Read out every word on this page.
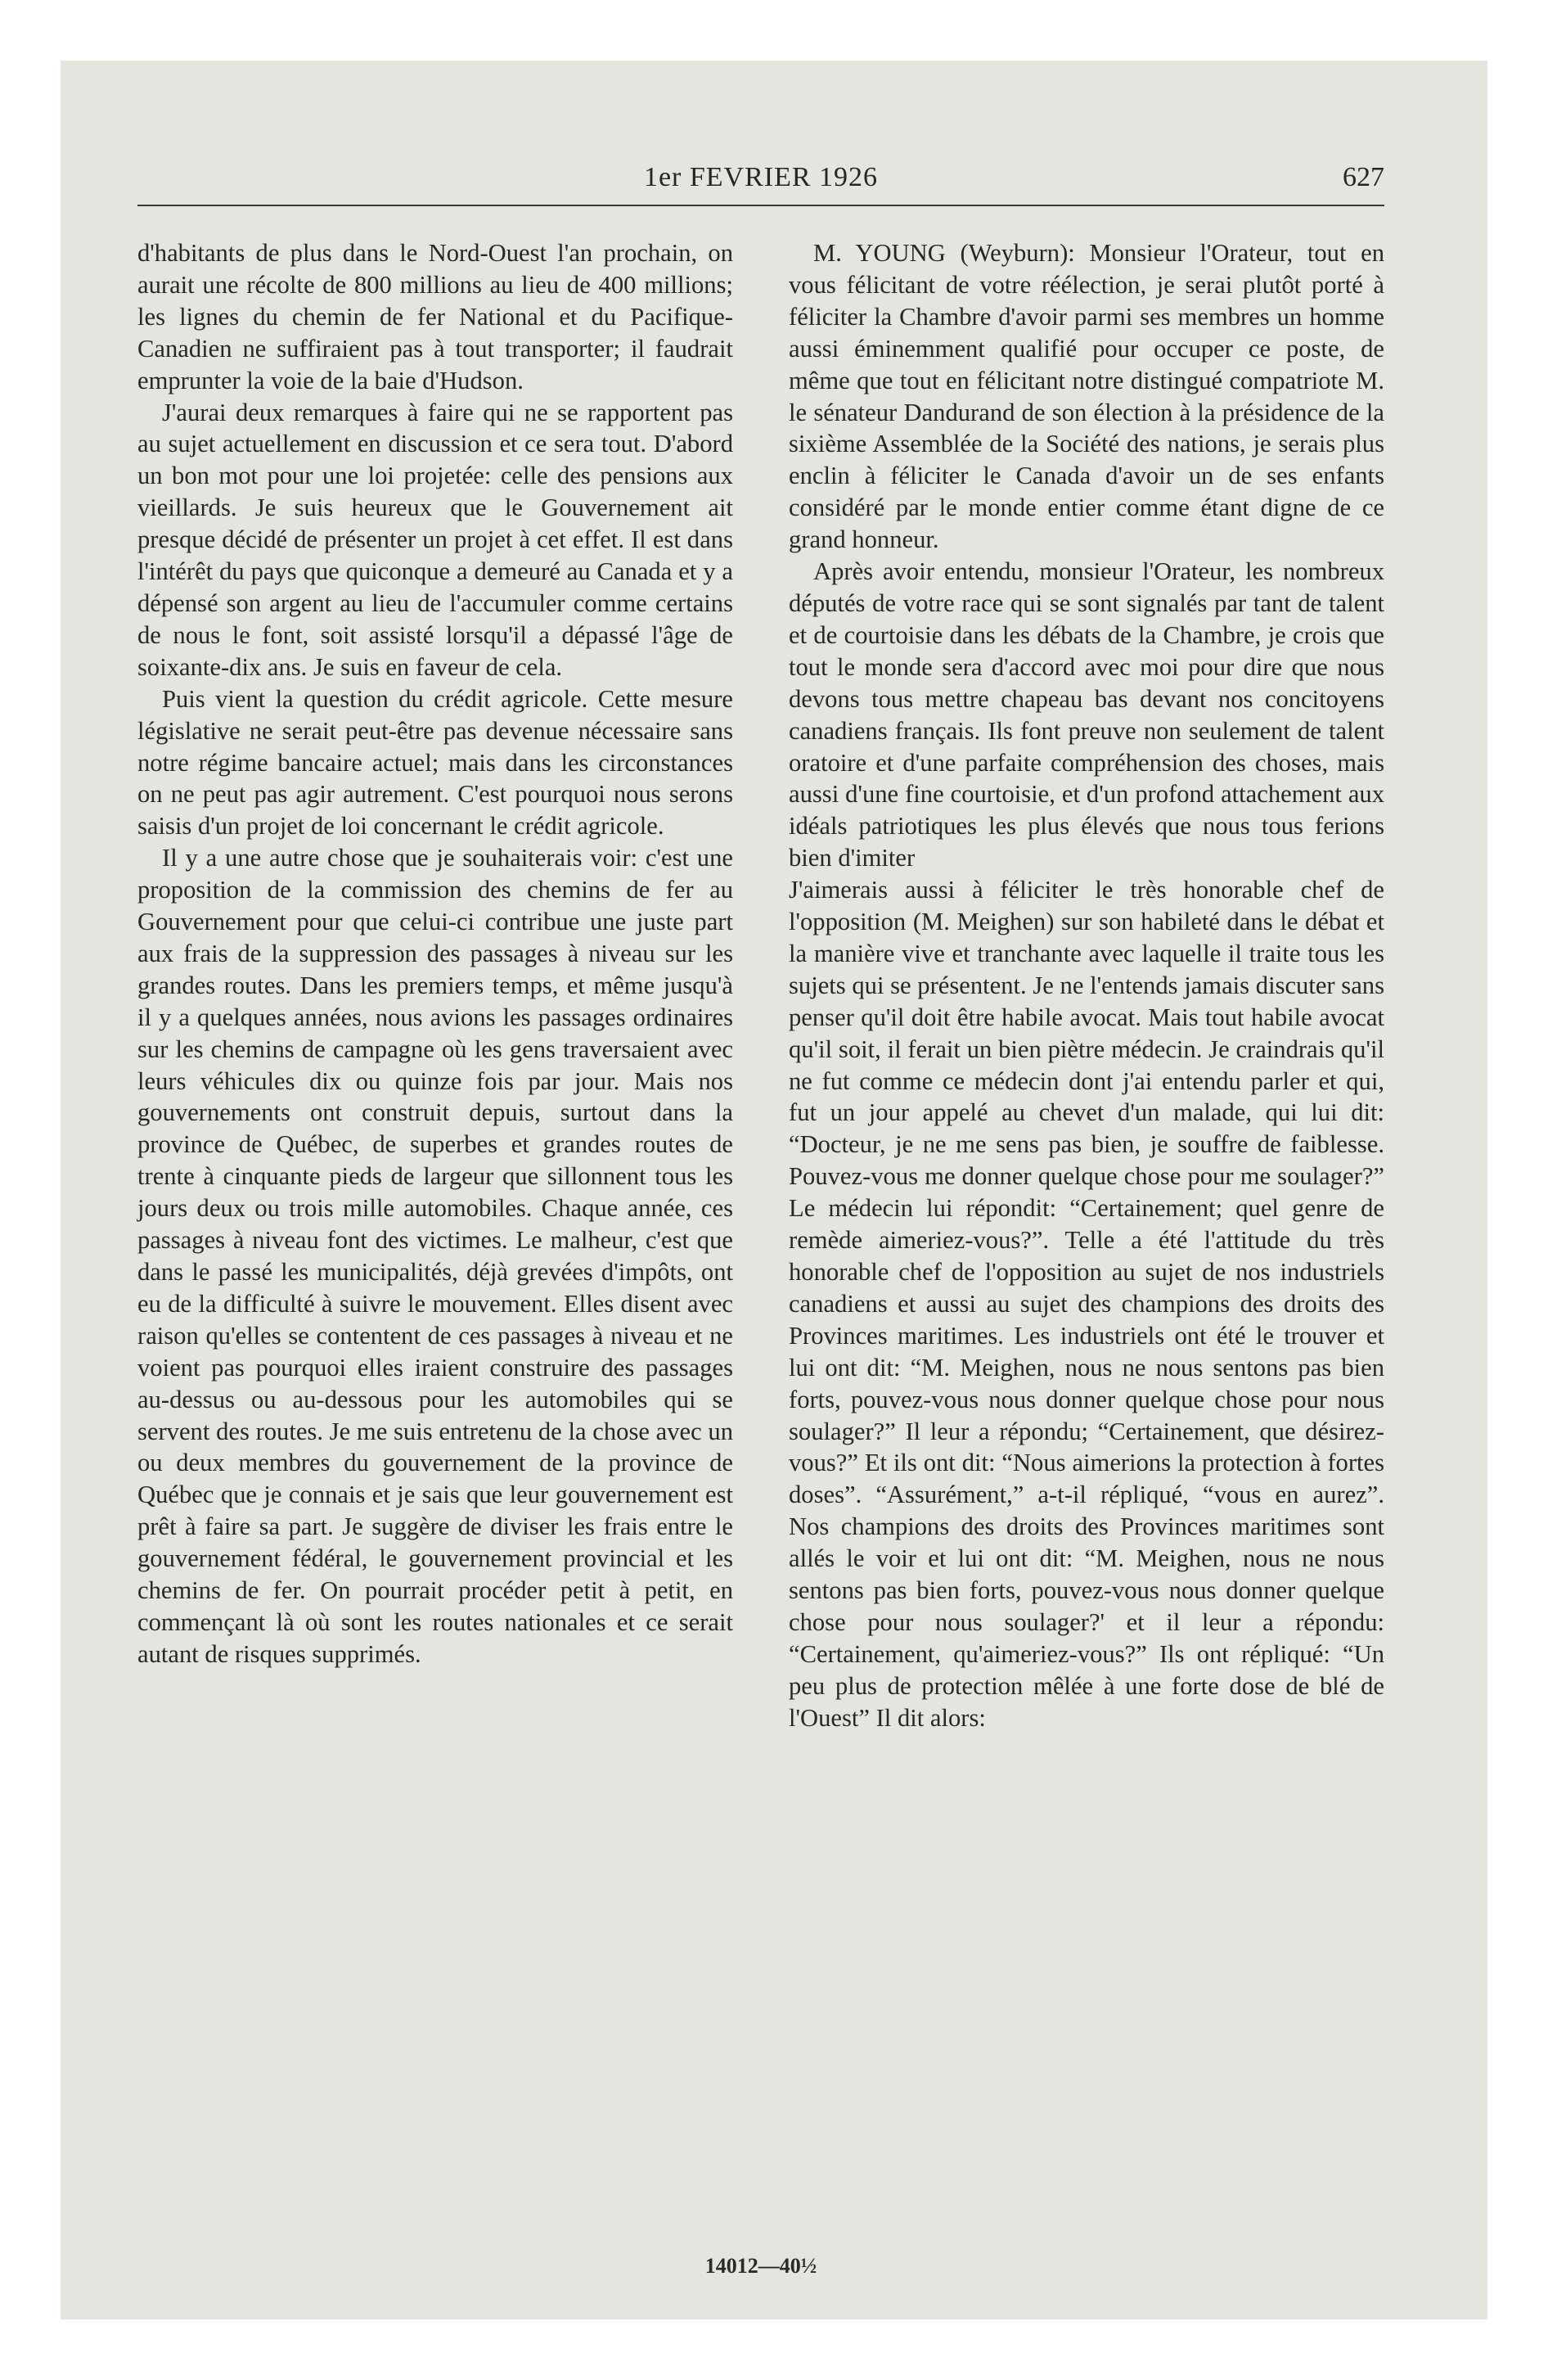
1er FEVRIER 1926	627

d'habitants de plus dans le Nord-Ouest l'an prochain, on aurait une récolte de 800 millions au lieu de 400 millions; les lignes du chemin de fer National et du Pacifique-Canadien ne suffiraient pas à tout transporter; il faudrait emprunter la voie de la baie d'Hudson.

J'aurai deux remarques à faire qui ne se rapportent pas au sujet actuellement en discussion et ce sera tout. D'abord un bon mot pour une loi projetée: celle des pensions aux vieillards. Je suis heureux que le Gouvernement ait presque décidé de présenter un projet à cet effet. Il est dans l'intérêt du pays que quiconque a demeuré au Canada et y a dépensé son argent au lieu de l'accumuler comme certains de nous le font, soit assisté lorsqu'il a dépassé l'âge de soixante-dix ans. Je suis en faveur de cela.

Puis vient la question du crédit agricole. Cette mesure législative ne serait peut-être pas devenue nécessaire sans notre régime bancaire actuel; mais dans les circonstances on ne peut pas agir autrement. C'est pourquoi nous serons saisis d'un projet de loi concernant le crédit agricole.

Il y a une autre chose que je souhaiterais voir: c'est une proposition de la commission des chemins de fer au Gouvernement pour que celui-ci contribue une juste part aux frais de la suppression des passages à niveau sur les grandes routes. Dans les premiers temps, et même jusqu'à il y a quelques années, nous avions les passages ordinaires sur les chemins de campagne où les gens traversaient avec leurs véhicules dix ou quinze fois par jour. Mais nos gouvernements ont construit depuis, surtout dans la province de Québec, de superbes et grandes routes de trente à cinquante pieds de largeur que sillonnent tous les jours deux ou trois mille automobiles. Chaque année, ces passages à niveau font des victimes. Le malheur, c'est que dans le passé les municipalités, déjà grevées d'impôts, ont eu de la difficulté à suivre le mouvement. Elles disent avec raison qu'elles se contentent de ces passages à niveau et ne voient pas pourquoi elles iraient construire des passages au-dessus ou au-dessous pour les automobiles qui se servent des routes. Je me suis entretenu de la chose avec un ou deux membres du gouvernement de la province de Québec que je connais et je sais que leur gouvernement est prêt à faire sa part. Je suggère de diviser les frais entre le gouvernement fédéral, le gouvernement provincial et les chemins de fer. On pourrait procéder petit à petit, en commençant là où sont les routes nationales et ce serait autant de risques supprimés.

M. YOUNG (Weyburn): Monsieur l'Orateur, tout en vous félicitant de votre réélection, je serai plutôt porté à féliciter la Chambre d'avoir parmi ses membres un homme aussi éminemment qualifié pour occuper ce poste, de même que tout en félicitant notre distingué compatriote M. le sénateur Dandurand de son élection à la présidence de la sixième Assemblée de la Société des nations, je serais plus enclin à féliciter le Canada d'avoir un de ses enfants considéré par le monde entier comme étant digne de ce grand honneur.

Après avoir entendu, monsieur l'Orateur, les nombreux députés de votre race qui se sont signalés par tant de talent et de courtoisie dans les débats de la Chambre, je crois que tout le monde sera d'accord avec moi pour dire que nous devons tous mettre chapeau bas devant nos concitoyens canadiens français. Ils font preuve non seulement de talent oratoire et d'une parfaite compréhension des choses, mais aussi d'une fine courtoisie, et d'un profond attachement aux idéals patriotiques les plus élevés que nous tous ferions bien d'imiter

J'aimerais aussi à féliciter le très honorable chef de l'opposition (M. Meighen) sur son habileté dans le débat et la manière vive et tranchante avec laquelle il traite tous les sujets qui se présentent. Je ne l'entends jamais discuter sans penser qu'il doit être habile avocat. Mais tout habile avocat qu'il soit, il ferait un bien piètre médecin. Je craindrais qu'il ne fut comme ce médecin dont j'ai entendu parler et qui, fut un jour appelé au chevet d'un malade, qui lui dit: “Docteur, je ne me sens pas bien, je souffre de faiblesse. Pouvez-vous me donner quelque chose pour me soulager?” Le médecin lui répondit: “Certainement; quel genre de remède aimeriez-vous?”. Telle a été l'attitude du très honorable chef de l'opposition au sujet de nos industriels canadiens et aussi au sujet des champions des droits des Provinces maritimes. Les industriels ont été le trouver et lui ont dit: “M. Meighen, nous ne nous sentons pas bien forts, pouvez-vous nous donner quelque chose pour nous soulager?” Il leur a répondu; “Certainement, que désirez-vous?” Et ils ont dit: “Nous aimerions la protection à fortes doses”. “Assurément,” a-t-il répliqué, “vous en aurez”. Nos champions des droits des Provinces maritimes sont allés le voir et lui ont dit: “M. Meighen, nous ne nous sentons pas bien forts, pouvez-vous nous donner quelque chose pour nous soulager?' et il leur a répondu: “Certainement, qu'aimeriez-vous?” Ils ont répliqué: “Un peu plus de protection mêlée à une forte dose de blé de l'Ouest” Il dit alors:

14012—40½
